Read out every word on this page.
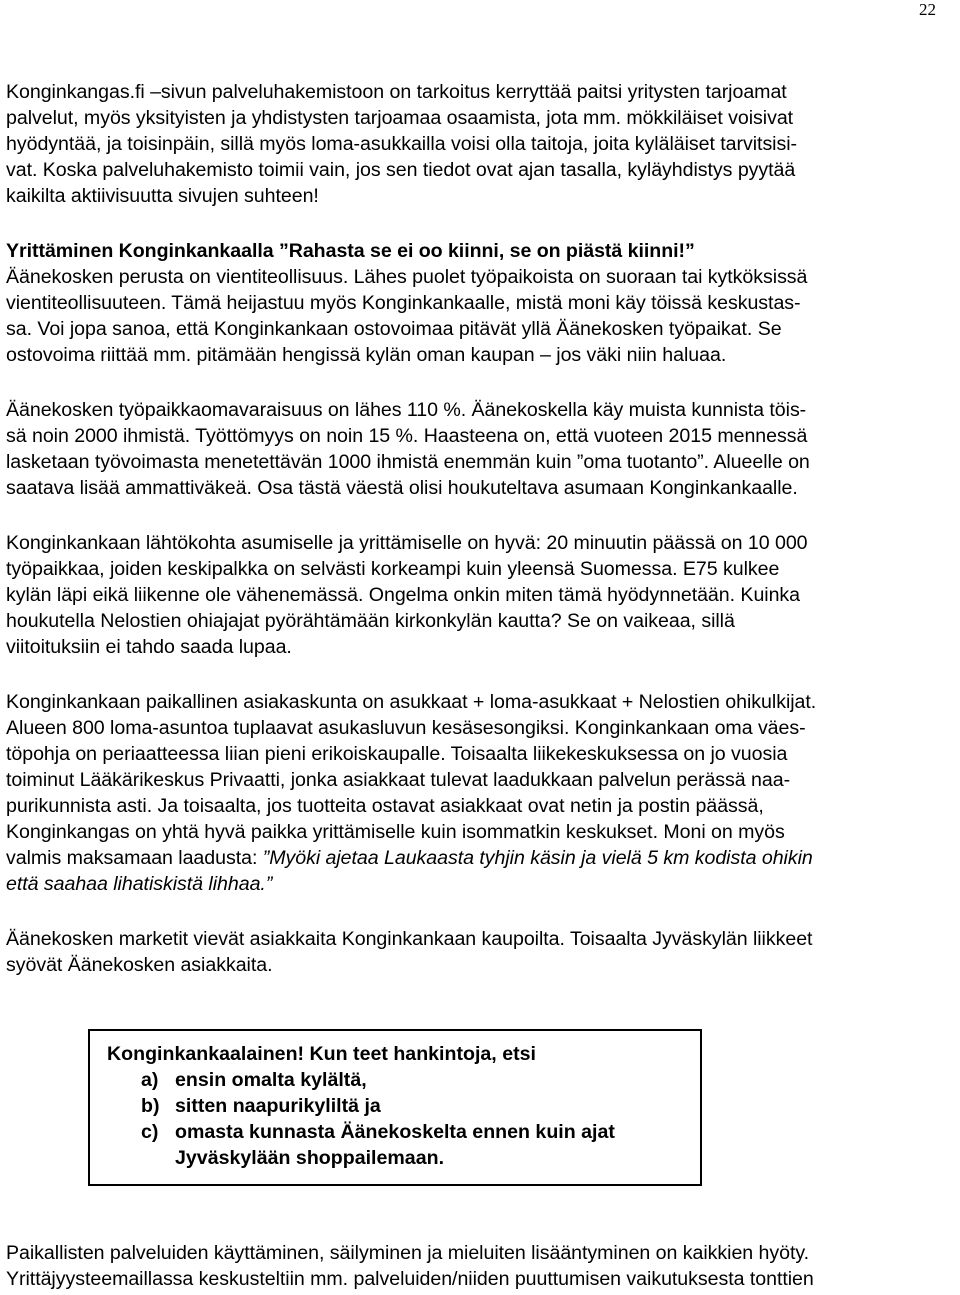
22

Konginkangas.fi –sivun palveluhakemistoon on tarkoitus kerryttää paitsi yritysten tarjoamat

palvelut, myös yksityisten ja yhdistysten tarjoamaa osaamista, jota mm. mökkiläiset voisivat

hyödyntää, ja toisinpäin, sillä myös loma-asukkailla voisi olla taitoja, joita kyläläiset tarvitsisi-

vat. Koska palveluhakemisto toimii vain, jos sen tiedot ovat ajan tasalla, kyläyhdistys pyytää

kaikilta aktiivisuutta sivujen suhteen!

Yrittäminen Konginkankaalla ”Rahasta se ei oo kiinni, se on piästä kiinni!”

Äänekosken perusta on vientiteollisuus. Lähes puolet työpaikoista on suoraan tai kytköksissä

vientiteollisuuteen. Tämä heijastuu myös Konginkankaalle, mistä moni käy töissä keskustas-

sa. Voi jopa sanoa, että Konginkankaan ostovoimaa pitävät yllä Äänekosken työpaikat. Se

ostovoima riittää mm. pitämään hengissä kylän oman kaupan – jos väki niin haluaa.

Äänekosken työpaikkaomavaraisuus on lähes 110 %. Äänekoskella käy muista kunnista töis-

sä noin 2000 ihmistä. Työttömyys on noin 15 %. Haasteena on, että vuoteen 2015 mennessä

lasketaan työvoimasta menetettävän 1000 ihmistä enemmän kuin ”oma tuotanto”. Alueelle on

saatava lisää ammattiväkeä. Osa tästä väestä olisi houkuteltava asumaan Konginkankaalle.

Konginkankaan lähtökohta asumiselle ja yrittämiselle on hyvä: 20 minuutin päässä on 10 000

työpaikkaa, joiden keskipalkka on selvästi korkeampi kuin yleensä Suomessa. E75 kulkee

kylän läpi eikä liikenne ole vähenemässä. Ongelma onkin miten tämä hyödynnetään. Kuinka

houkutella Nelostien ohiajajat pyörähtämään kirkonkylän kautta? Se on vaikeaa, sillä

viitoituksiin ei tahdo saada lupaa.

Konginkankaan paikallinen asiakaskunta on asukkaat + loma-asukkaat + Nelostien ohikulkijat.

Alueen 800 loma-asuntoa tuplaavat asukasluvun kesäsesongiksi. Konginkankaan oma väes-

töpohja on periaatteessa liian pieni erikoiskaupalle. Toisaalta liikekeskuksessa on jo vuosia

toiminut Lääkärikeskus Privaatti, jonka asiakkaat tulevat laadukkaan palvelun perässä naa-

purikunnista asti. Ja toisaalta, jos tuotteita ostavat asiakkaat ovat netin ja postin päässä,

Konginkangas on yhtä hyvä paikka yrittämiselle kuin isommatkin keskukset. Moni on myös

valmis maksamaan laadusta: ”Myöki ajetaa Laukaasta tyhjin käsin ja vielä 5 km kodista ohikin

että saahaa lihatiskistä lihhaa.”

Äänekosken marketit vievät asiakkaita Konginkankaan kaupoilta. Toisaalta Jyväskylän liikkeet

syövät Äänekosken asiakkaita.

Konginkankaalainen! Kun teet hankintoja, etsi

a) ensin omalta kylältä,

b) sitten naapurikyliltä ja

c) omasta kunnasta Äänekoskelta ennen kuin ajat

Jyväskylään shoppailemaan.

Paikallisten palveluiden käyttäminen, säilyminen ja mieluiten lisääntyminen on kaikkien hyöty.

Yrittäjyysteemaillassa keskusteltiin mm. palveluiden/niiden puuttumisen vaikutuksesta tonttien
